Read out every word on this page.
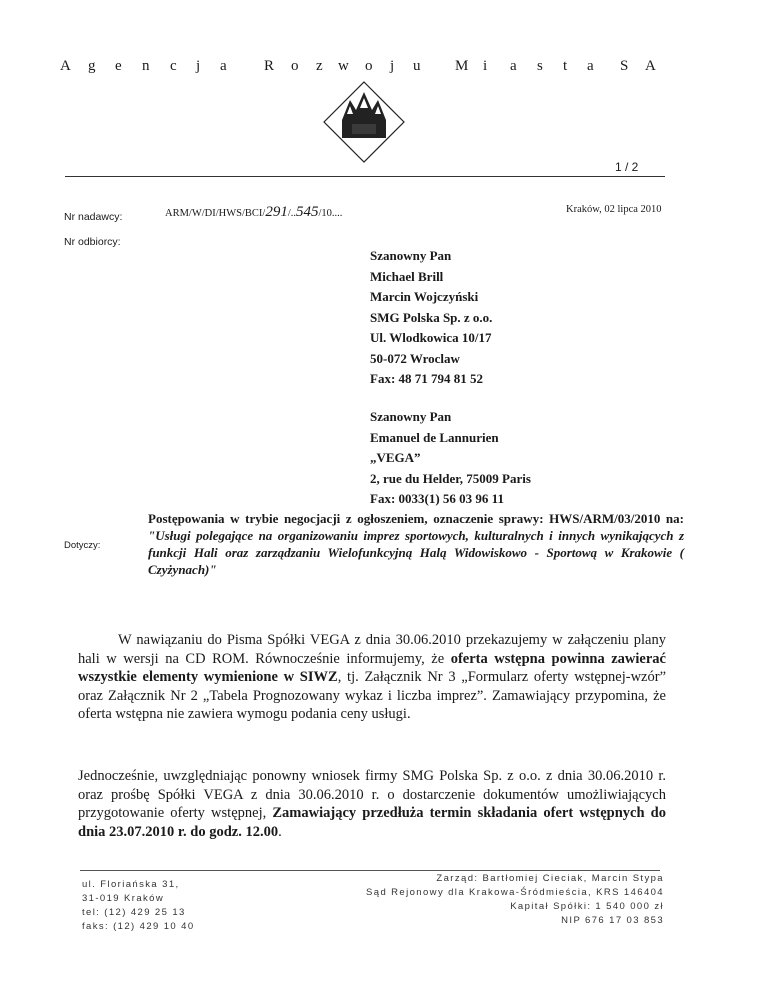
A g e n c j a R o z w o j u M i a s t a S A
1 / 2
Nr nadawcy:	ARM/W/DI/HWS/BCI/291/..545/10....	Kraków, 02 lipca 2010
Nr odbiorcy:
Szanowny Pan
Michael Brill
Marcin Wojczyński
SMG Polska Sp. z o.o.
Ul. Wlodkowica 10/17
50-072 Wroclaw
Fax: 48 71 794 81 52
Szanowny Pan
Emanuel de Lannurien
„VEGA”
2, rue du Helder, 75009 Paris
Fax: 0033(1) 56 03 96 11
Dotyczy:
Postępowania w trybie negocjacji z ogłoszeniem, oznaczenie sprawy: HWS/ARM/03/2010 na: "Usługi polegające na organizowaniu imprez sportowych, kulturalnych i innych wynikających z funkcji Hali oraz zarządzaniu Wielofunkcyjną Halą Widowiskowo - Sportową w Krakowie ( Czyżynach)"
W nawiązaniu do Pisma Spółki VEGA z dnia 30.06.2010 przekazujemy w załączeniu plany hali w wersji na CD ROM. Równocześnie informujemy, że oferta wstępna powinna zawierać wszystkie elementy wymienione w SIWZ, tj. Załącznik Nr 3 „Formularz oferty wstępnej-wzór” oraz Załącznik Nr 2 „Tabela Prognozowany wykaz i liczba imprez”. Zamawiający przypomina, że oferta wstępna nie zawiera wymogu podania ceny usługi.
Jednocześnie, uwzględniając ponowny wniosek firmy SMG Polska Sp. z o.o. z dnia 30.06.2010 r. oraz prośbę Spółki VEGA z dnia 30.06.2010 r. o dostarczenie dokumentów umożliwiających przygotowanie oferty wstępnej, Zamawiający przedłuża termin składania ofert wstępnych do dnia 23.07.2010 r. do godz. 12.00.
ul. Floriańska 31,
31-019 Kraków
tel: (12) 429 25 13
faks: (12) 429 10 40
Zarząd: Bartłomiej Cieciak, Marcin Stypa
Sąd Rejonowy dla Krakowa-Śródmieścia, KRS 146404
Kapitał Spółki: 1 540 000 zł
NIP 676 17 03 853
